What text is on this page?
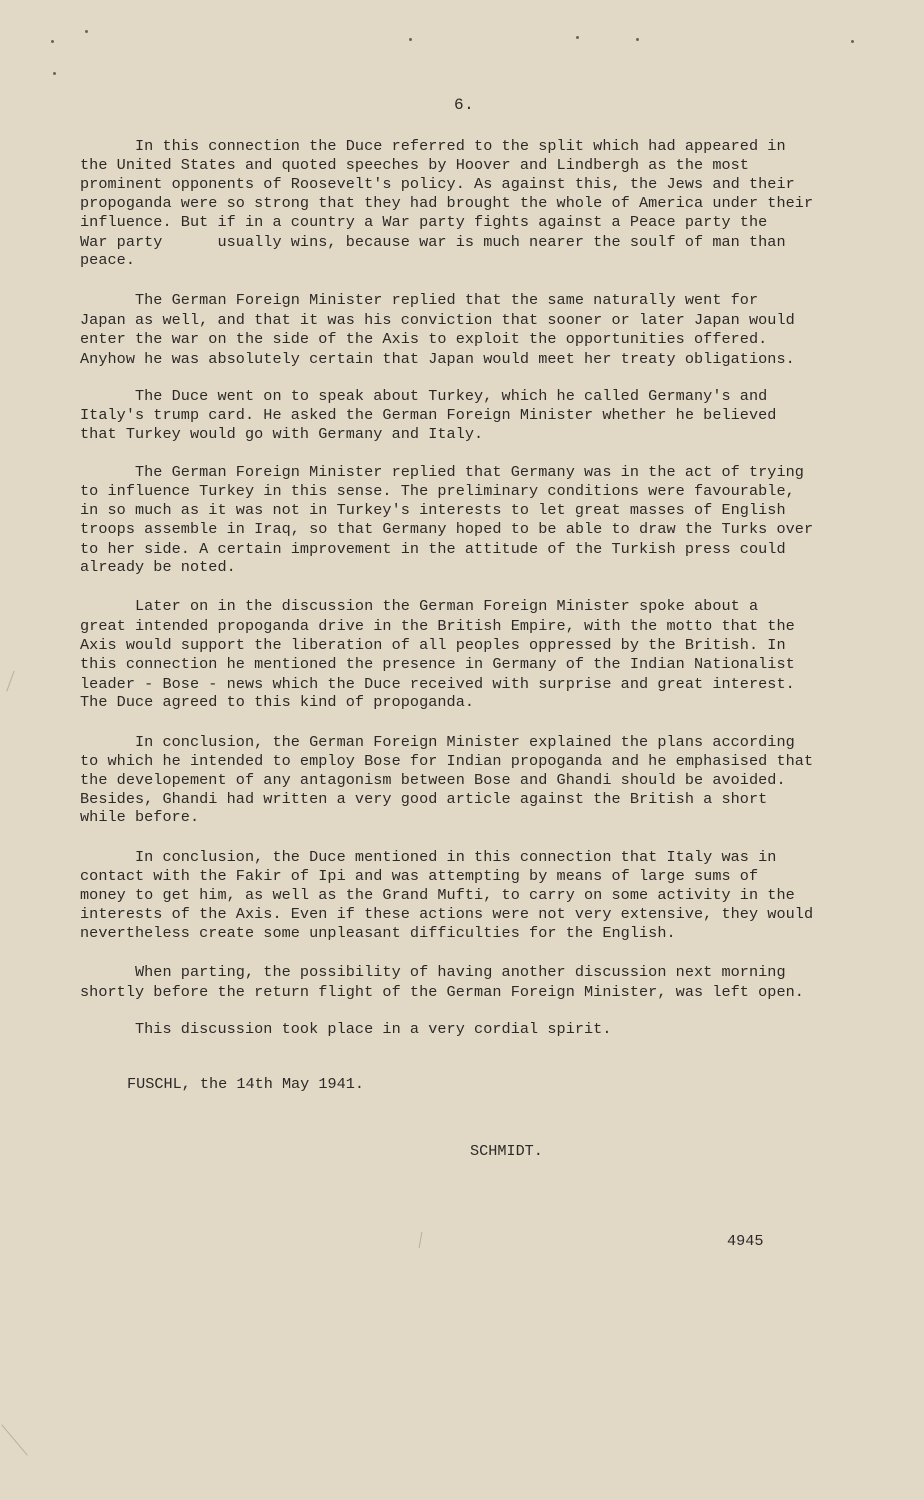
6.
In this connection the Duce referred to the split which had appeared in
the United States and quoted speeches by Hoover and Lindbergh as the most
prominent opponents of Roosevelt's policy. As against this, the Jews and their
propoganda were so strong that they had brought the whole of America under their
influence. But if in a country a War party fights against a Peace party the
War party      usually wins, because war is much nearer the soulf of man than
peace.
The German Foreign Minister replied that the same naturally went for
Japan as well, and that it was his conviction that sooner or later Japan would
enter the war on the side of the Axis to exploit the opportunities offered.
Anyhow he was absolutely certain that Japan would meet her treaty obligations.
The Duce went on to speak about Turkey, which he called Germany's and
Italy's trump card. He asked the German Foreign Minister whether he believed
that Turkey would go with Germany and Italy.
The German Foreign Minister replied that Germany was in the act of trying
to influence Turkey in this sense. The preliminary conditions were favourable,
in so much as it was not in Turkey's interests to let great masses of English
troops assemble in Iraq, so that Germany hoped to be able to draw the Turks over
to her side. A certain improvement in the attitude of the Turkish press could
already be noted.
Later on in the discussion the German Foreign Minister spoke about a
great intended propoganda drive in the British Empire, with the motto that the
Axis would support the liberation of all peoples oppressed by the British. In
this connection he mentioned the presence in Germany of the Indian Nationalist
leader - Bose - news which the Duce received with surprise and great interest.
The Duce agreed to this kind of propoganda.
In conclusion, the German Foreign Minister explained the plans according
to which he intended to employ Bose for Indian propoganda and he emphasised that
the developement of any antagonism between Bose and Ghandi should be avoided.
Besides, Ghandi had written a very good article against the British a short
while before.
In conclusion, the Duce mentioned in this connection that Italy was in
contact with the Fakir of Ipi and was attempting by means of large sums of
money to get him, as well as the Grand Mufti, to carry on some activity in the
interests of the Axis. Even if these actions were not very extensive, they would
nevertheless create some unpleasant difficulties for the English.
When parting, the possibility of having another discussion next morning
shortly before the return flight of the German Foreign Minister, was left open.
This discussion took place in a very cordial spirit.
FUSCHL, the 14th May 1941.
SCHMIDT.
4945
